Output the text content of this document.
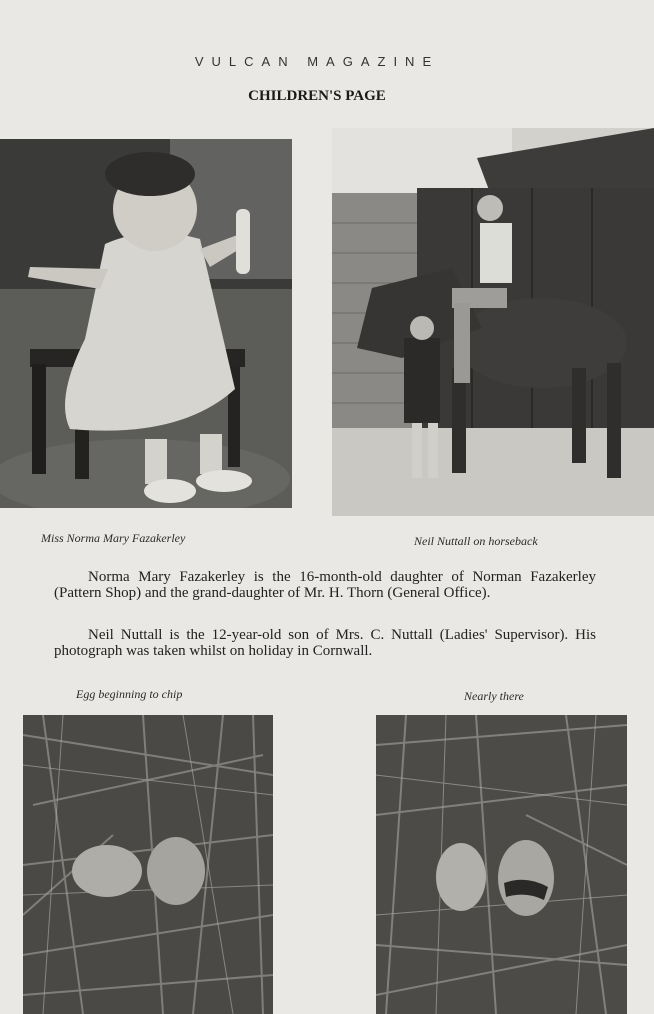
VULCAN MAGAZINE
CHILDREN'S PAGE
Miss Norma Mary Fazakerley	Neil Nuttall on horseback

Norma Mary Fazakerley is the 16-month-old daughter of Norman Fazakerley (Pattern Shop) and the grand-daughter of Mr. H. Thorn (General Office).

Neil Nuttall is the 12-year-old son of Mrs. C. Nuttall (Ladies' Supervisor). His photograph was taken whilst on holiday in Cornwall.

Egg beginning to chip	Nearly there
